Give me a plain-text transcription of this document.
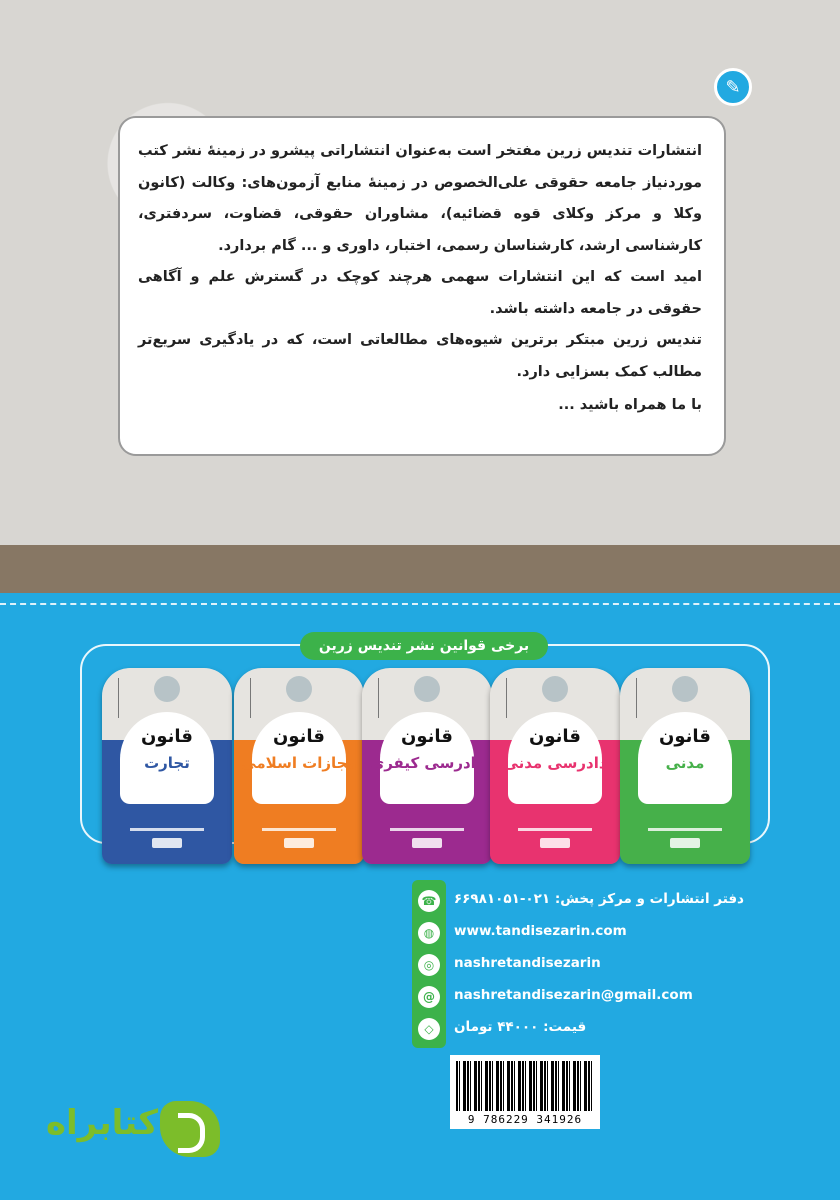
✎

انتشارات تندیس زرین مفتخر است به‌عنوان انتشاراتی پیشرو در زمینهٔ نشر کتب موردنیاز جامعه حقوقی علی‌الخصوص در زمینهٔ منابع آزمون‌های: وکالت (کانون وکلا و مرکز وکلای قوه قضائیه)، مشاوران حقوقی، قضاوت، سردفتری، کارشناسی ارشد، کارشناسان رسمی، اختبار، داوری و ... گام بردارد.

امید است که این انتشارات سهمی هرچند کوچک در گسترش علم و آگاهی حقوقی در جامعه داشته باشد.

تندیس زرین مبتکر برترین شیوه‌های مطالعاتی است، که در یادگیری سریع‌تر مطالب کمک بسزایی دارد.

با ما همراه باشید ...

برخی قوانین نشر تندیس زرین
قانون
تجارت
قانون
مجازات اسلامی
قانون
دادرسی کیفری
قانون
دادرسی مدنی
قانون
مدنی
☎ دفتر انتشارات و مرکز پخش: ۰۲۱-۶۶۹۸۱۰۵۱
◍	www.tandisezarin.com
◎	nashretandisezarin
@	nashretandisezarin@gmail.com
◇	قیمت: ۴۴۰۰۰ تومان
9 786229 341926
کتابراه
